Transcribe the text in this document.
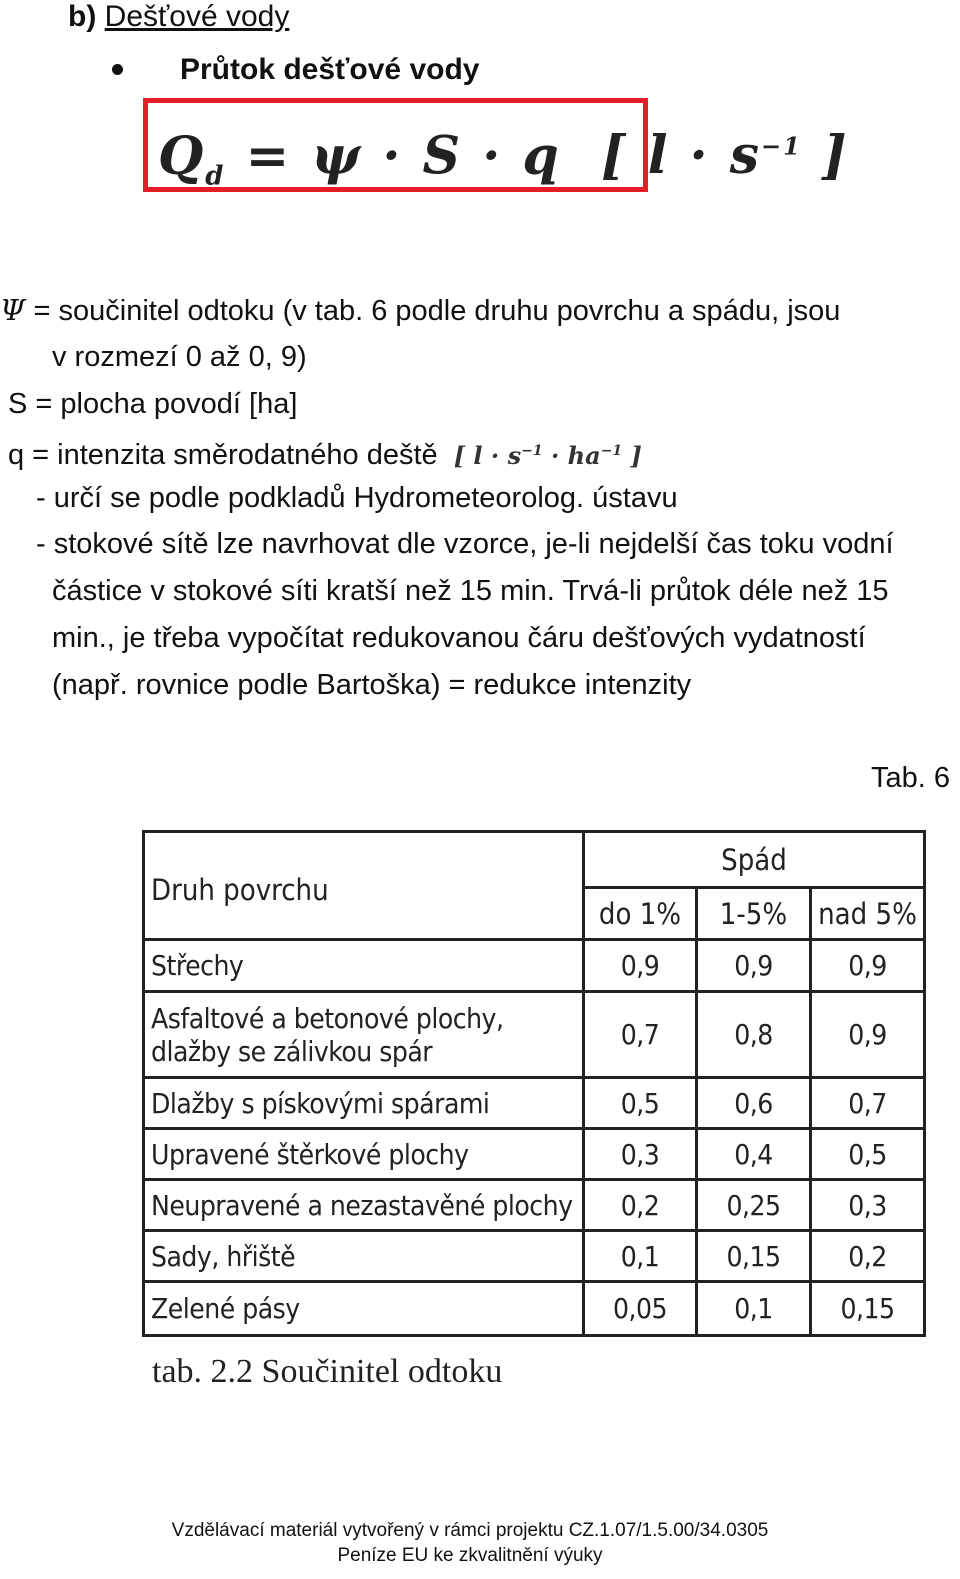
b) Dešťové vody
Průtok dešťové vody
$Q_d = \psi \cdot S \cdot q$ [ $l \cdot s^{-1}$ ]
Ψ = součinitel odtoku (v tab. 6 podle druhu povrchu a spádu, jsou
v rozmezí 0 až 0, 9)
S = plocha povodí [ha]
q = intenzita směrodatného deště [ $l \cdot s^{-1} \cdot ha^{-1}$ ]
- určí se podle podkladů Hydrometeorolog. ústavu
- stokové sítě lze navrhovat dle vzorce, je-li nejdelší čas toku vodní
částice v stokové síti kratší než 15 min. Trvá-li průtok déle než 15
min., je třeba vypočítat redukovanou čáru dešťových vydatností
(např. rovnice podle Bartoška) = redukce intenzity
Tab. 6
Druh povrchu	Spád		
	do 1%	1-5%	nad 5%
Střechy	0,9	0,9	0,9
Asfaltové a betonové plochy, dlažby se zálivkou spár	0,7	0,8	0,9
Dlažby s pískovými spárami	0,5	0,6	0,7
Upravené štěrkové plochy	0,3	0,4	0,5
Neupravené a nezastavěné plochy	0,2	0,25	0,3
Sady, hřiště	0,1	0,15	0,2
Zelené pásy	0,05	0,1	0,15
tab. 2.2 Součinitel odtoku
Vzdělávací materiál vytvořený v rámci projektu CZ.1.07/1.5.00/34.0305
Peníze EU ke zkvalitnění výuky
